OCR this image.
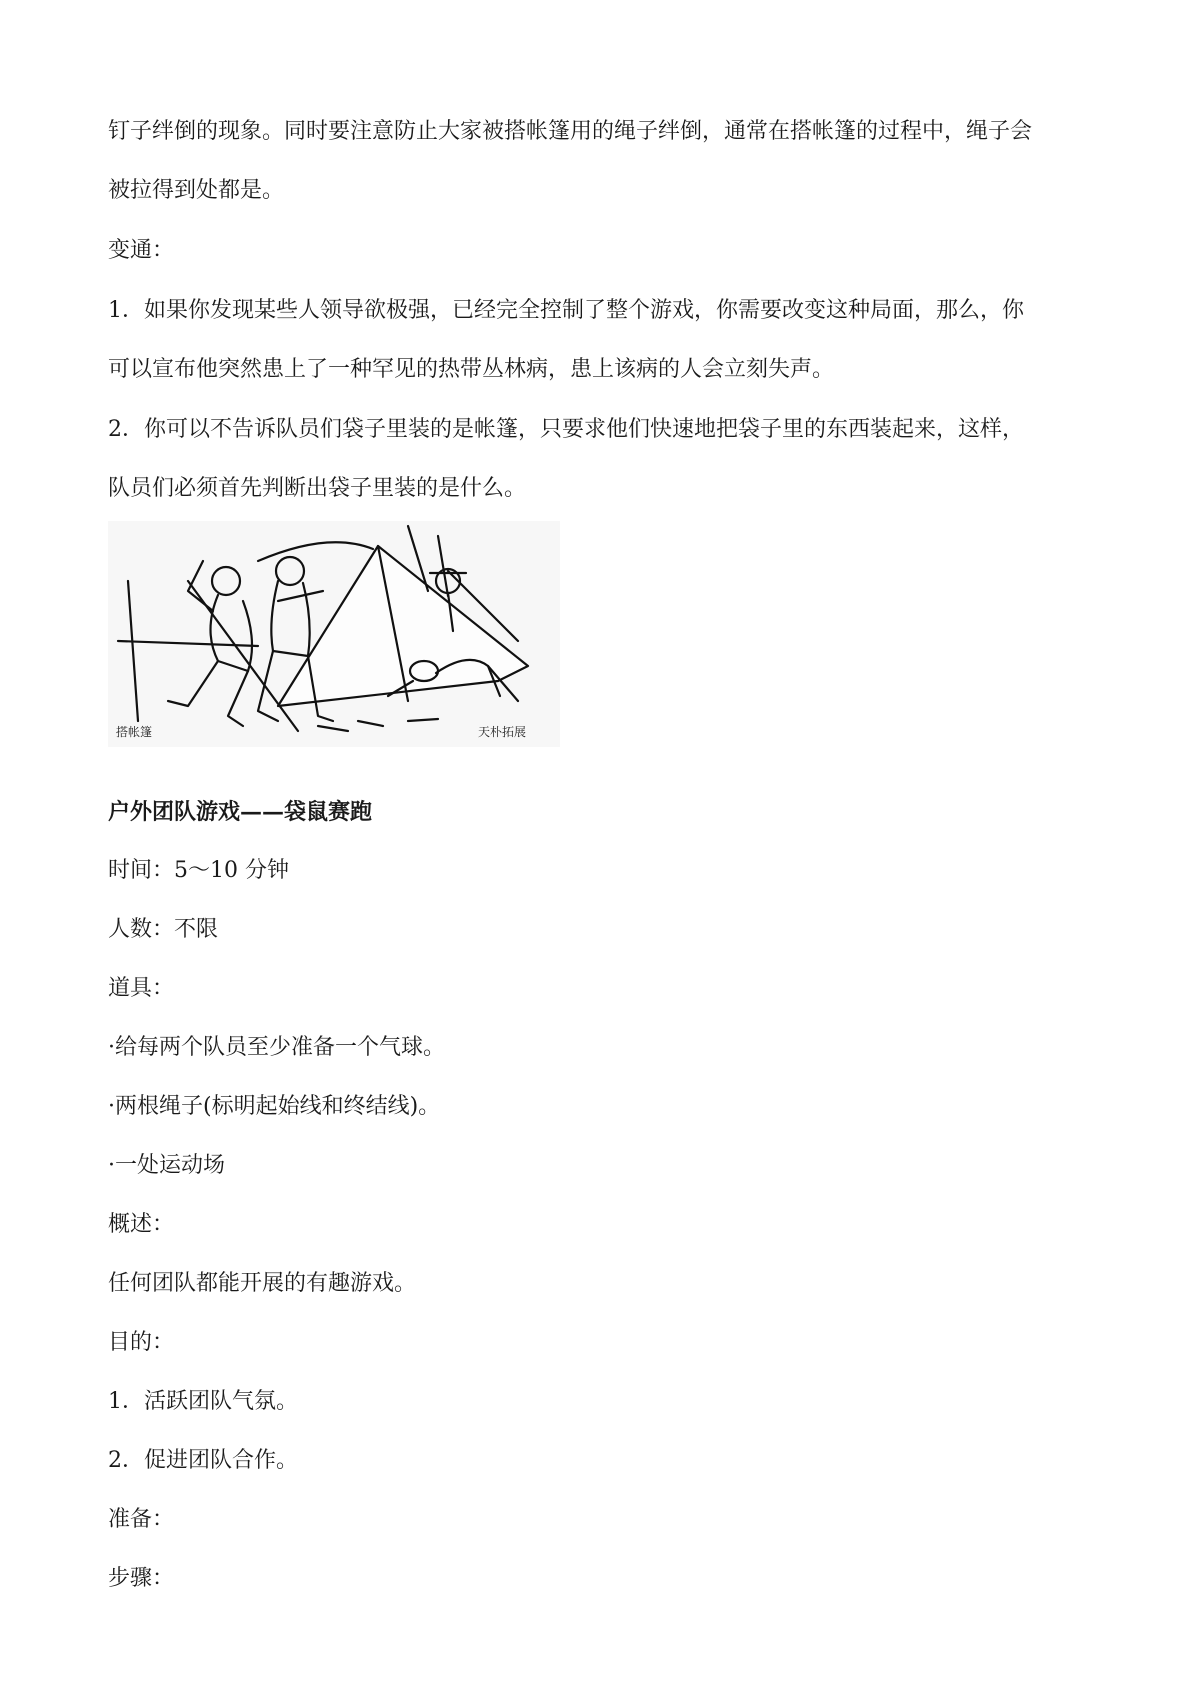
钉子绊倒的现象。同时要注意防止大家被搭帐篷用的绳子绊倒，通常在搭帐篷的过程中，绳子会
被拉得到处都是。
变通：
1．如果你发现某些人领导欲极强，已经完全控制了整个游戏，你需要改变这种局面，那么，你
可以宣布他突然患上了一种罕见的热带丛林病，患上该病的人会立刻失声。
2．你可以不告诉队员们袋子里装的是帐篷，只要求他们快速地把袋子里的东西装起来，这样，
队员们必须首先判断出袋子里装的是什么。
搭帐篷	天朴拓展
户外团队游戏——袋鼠赛跑
时间：5～10 分钟
人数：不限
道具：
·给每两个队员至少准备一个气球。
·两根绳子(标明起始线和终结线)。
·一处运动场
概述：
任何团队都能开展的有趣游戏。
目的：
1．活跃团队气氛。
2．促进团队合作。
准备：
步骤：
